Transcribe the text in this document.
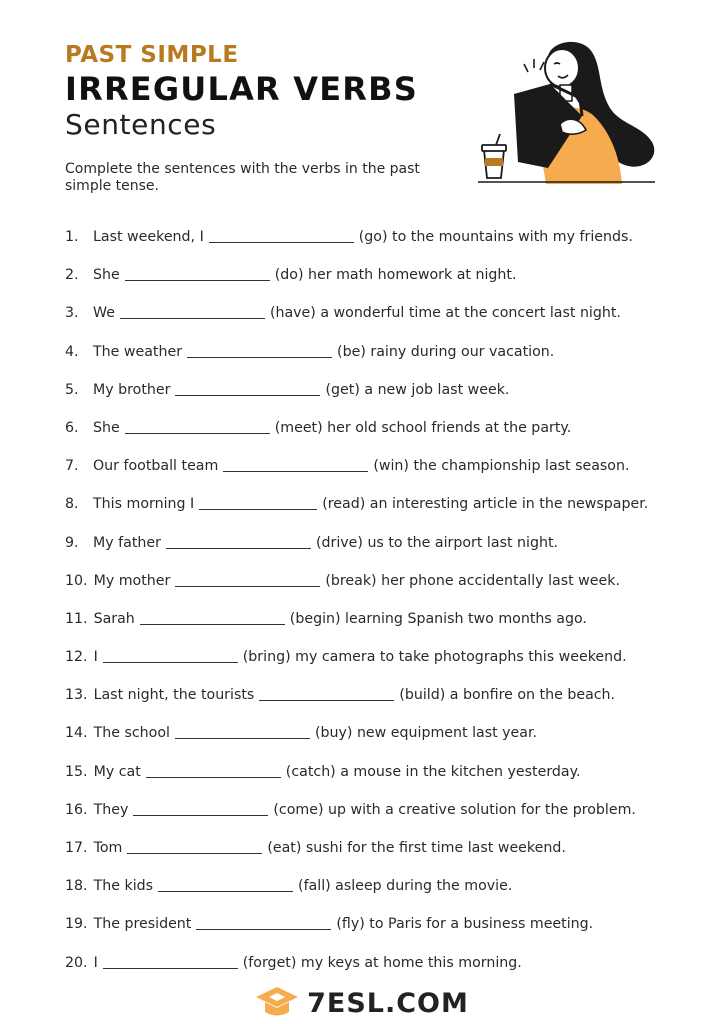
PAST SIMPLE
IRREGULAR VERBS
Sentences
Complete the sentences with the verbs in the past simple tense.
1.	Last weekend, I	(go) to the mountains with my friends.
2.	She	(do) her math homework at night.
3.	We	(have) a wonderful time at the concert last night.
4.	The weather	(be) rainy during our vacation.
5.	My brother	(get) a new job last week.
6.	She	(meet) her old school friends at the party.
7.	Our football team	(win) the championship last season.
8.	This morning I	(read) an interesting article in the newspaper.
9.	My father	(drive) us to the airport last night.
10. My mother	(break) her phone accidentally last week.
11. Sarah	(begin) learning Spanish two months ago.
12. I	(bring) my camera to take photographs this weekend.
13. Last night, the tourists	(build) a bonfire on the beach.
14. The school	(buy) new equipment last year.
15. My cat	(catch) a mouse in the kitchen yesterday.
16. They	(come) up with a creative solution for the problem.
17. Tom	(eat) sushi for the first time last weekend.
18. The kids	(fall) asleep during the movie.
19. The president	(fly) to Paris for a business meeting.
20. I	(forget) my keys at home this morning.
7ESL.COM
